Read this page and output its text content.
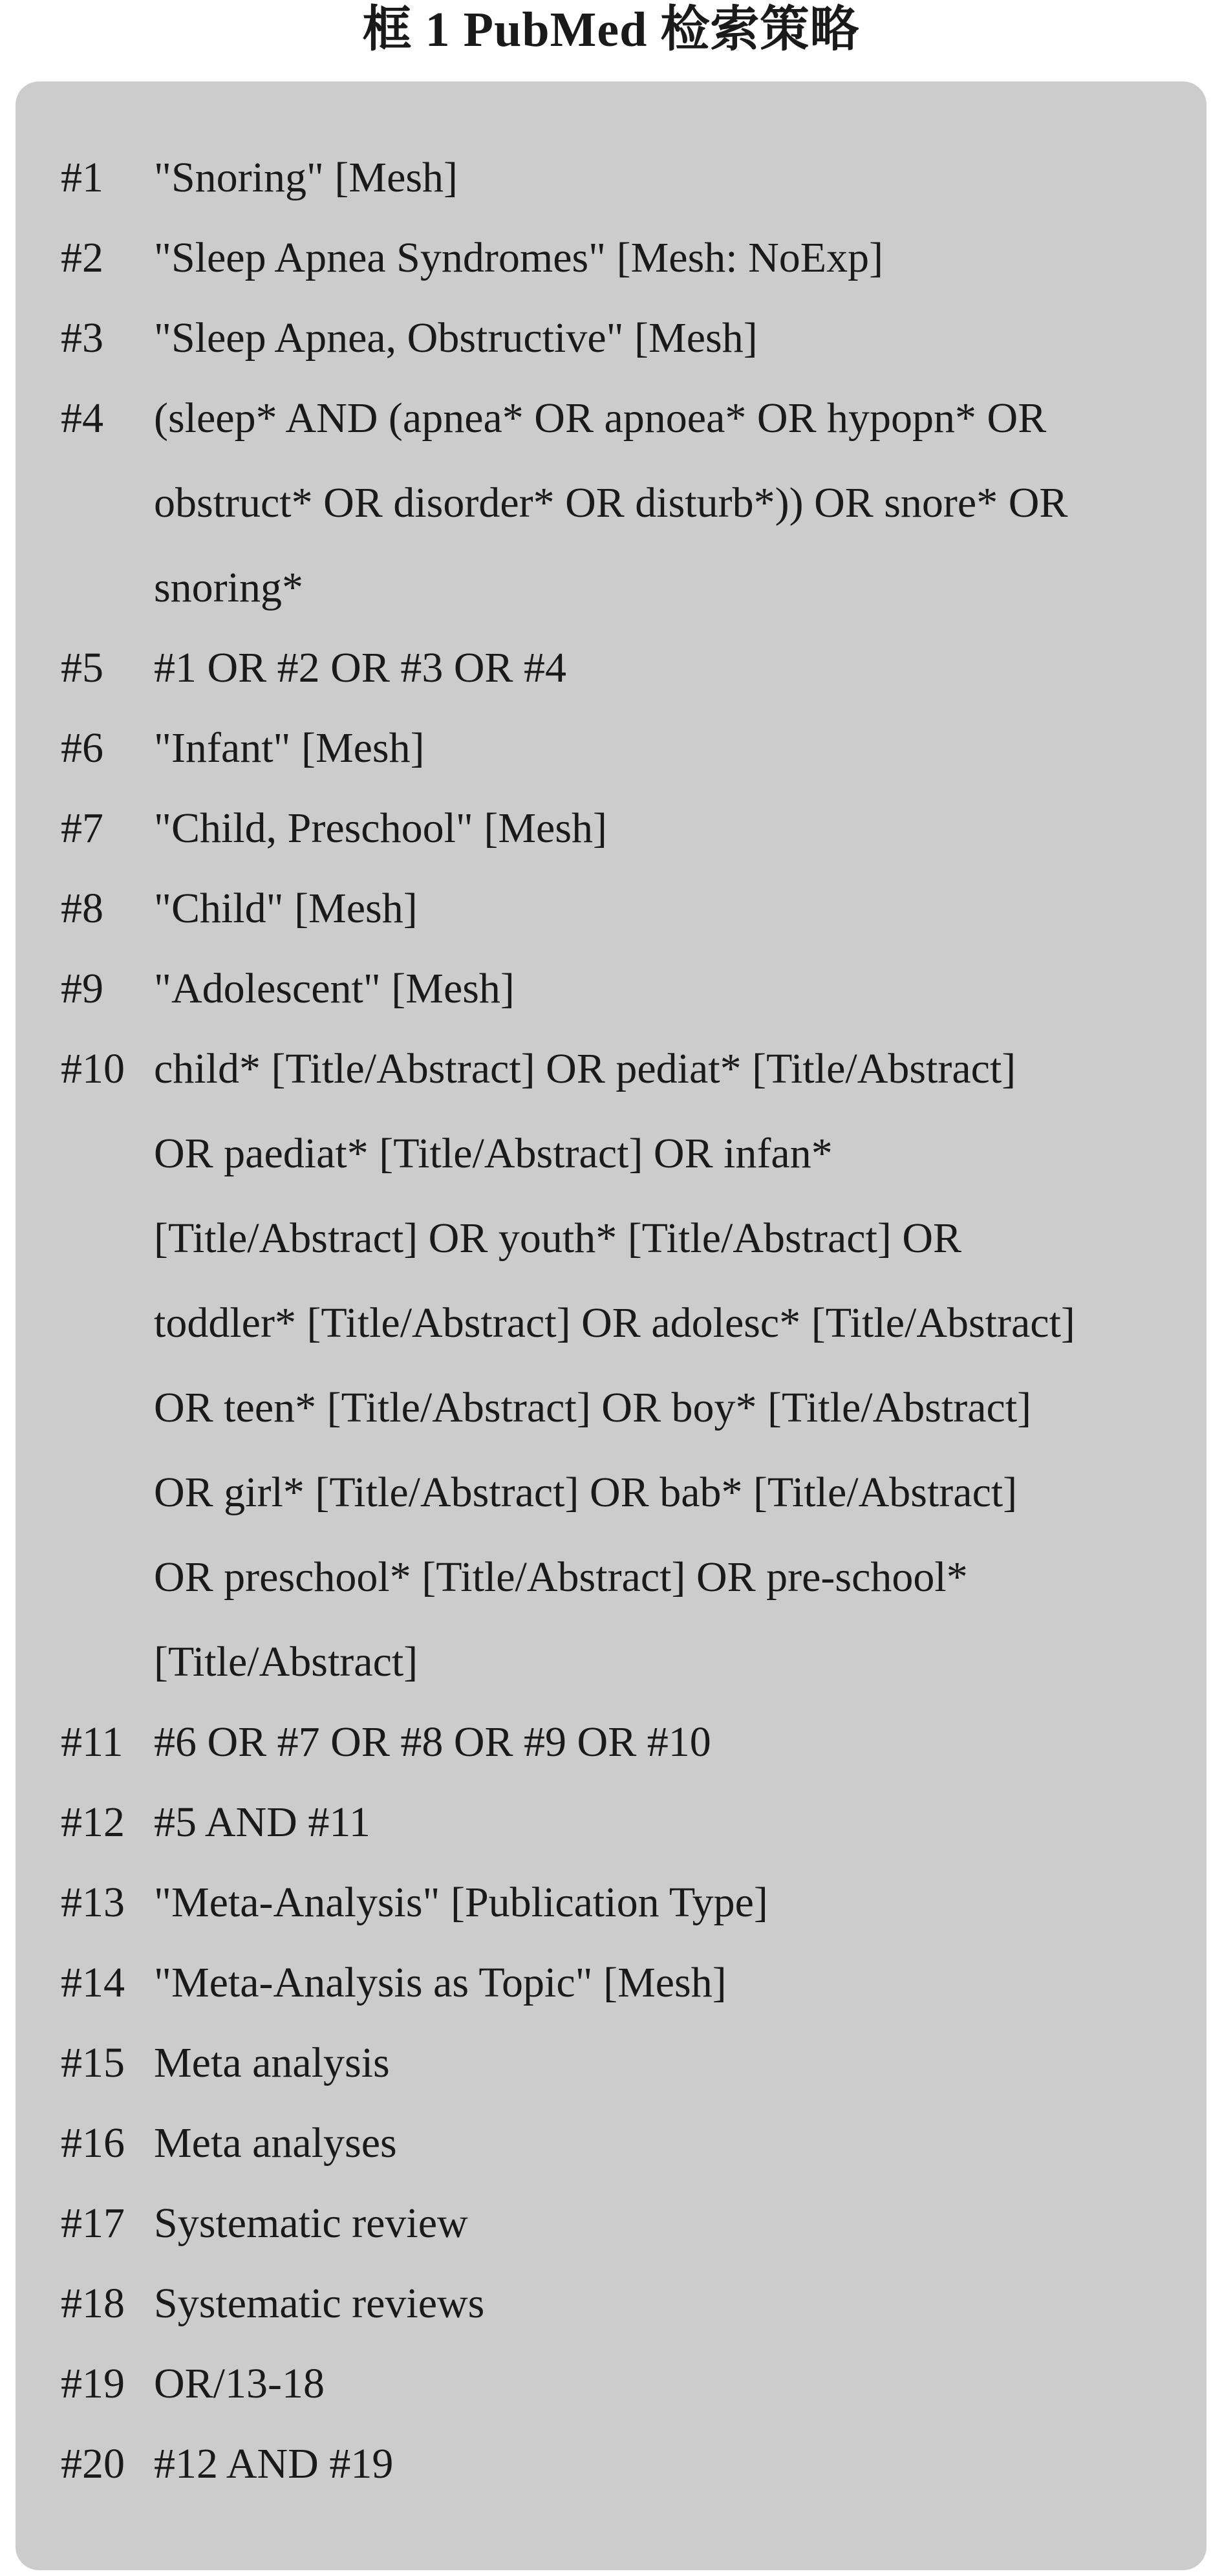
框 1 PubMed 检索策略
#1	"Snoring" [Mesh]
#2	"Sleep Apnea Syndromes" [Mesh: NoExp]
#3	"Sleep Apnea, Obstructive" [Mesh]
#4	(sleep* AND (apnea* OR apnoea* OR hypopn* OR
obstruct* OR disorder* OR disturb*)) OR snore* OR
snoring*
#5	#1 OR #2 OR #3 OR #4
#6	"Infant" [Mesh]
#7	"Child, Preschool" [Mesh]
#8	"Child" [Mesh]
#9	"Adolescent" [Mesh]
#10 child* [Title/Abstract] OR pediat* [Title/Abstract]
OR paediat* [Title/Abstract] OR infan*
[Title/Abstract] OR youth* [Title/Abstract] OR
toddler* [Title/Abstract] OR adolesc* [Title/Abstract]
OR teen* [Title/Abstract] OR boy* [Title/Abstract]
OR girl* [Title/Abstract] OR bab* [Title/Abstract]
OR preschool* [Title/Abstract] OR pre-school*
[Title/Abstract]
#11 #6 OR #7 OR #8 OR #9 OR #10
#12 #5 AND #11
#13 "Meta-Analysis" [Publication Type]
#14 "Meta-Analysis as Topic" [Mesh]
#15 Meta analysis
#16 Meta analyses
#17 Systematic review
#18 Systematic reviews
#19 OR/13-18
#20 #12 AND #19
